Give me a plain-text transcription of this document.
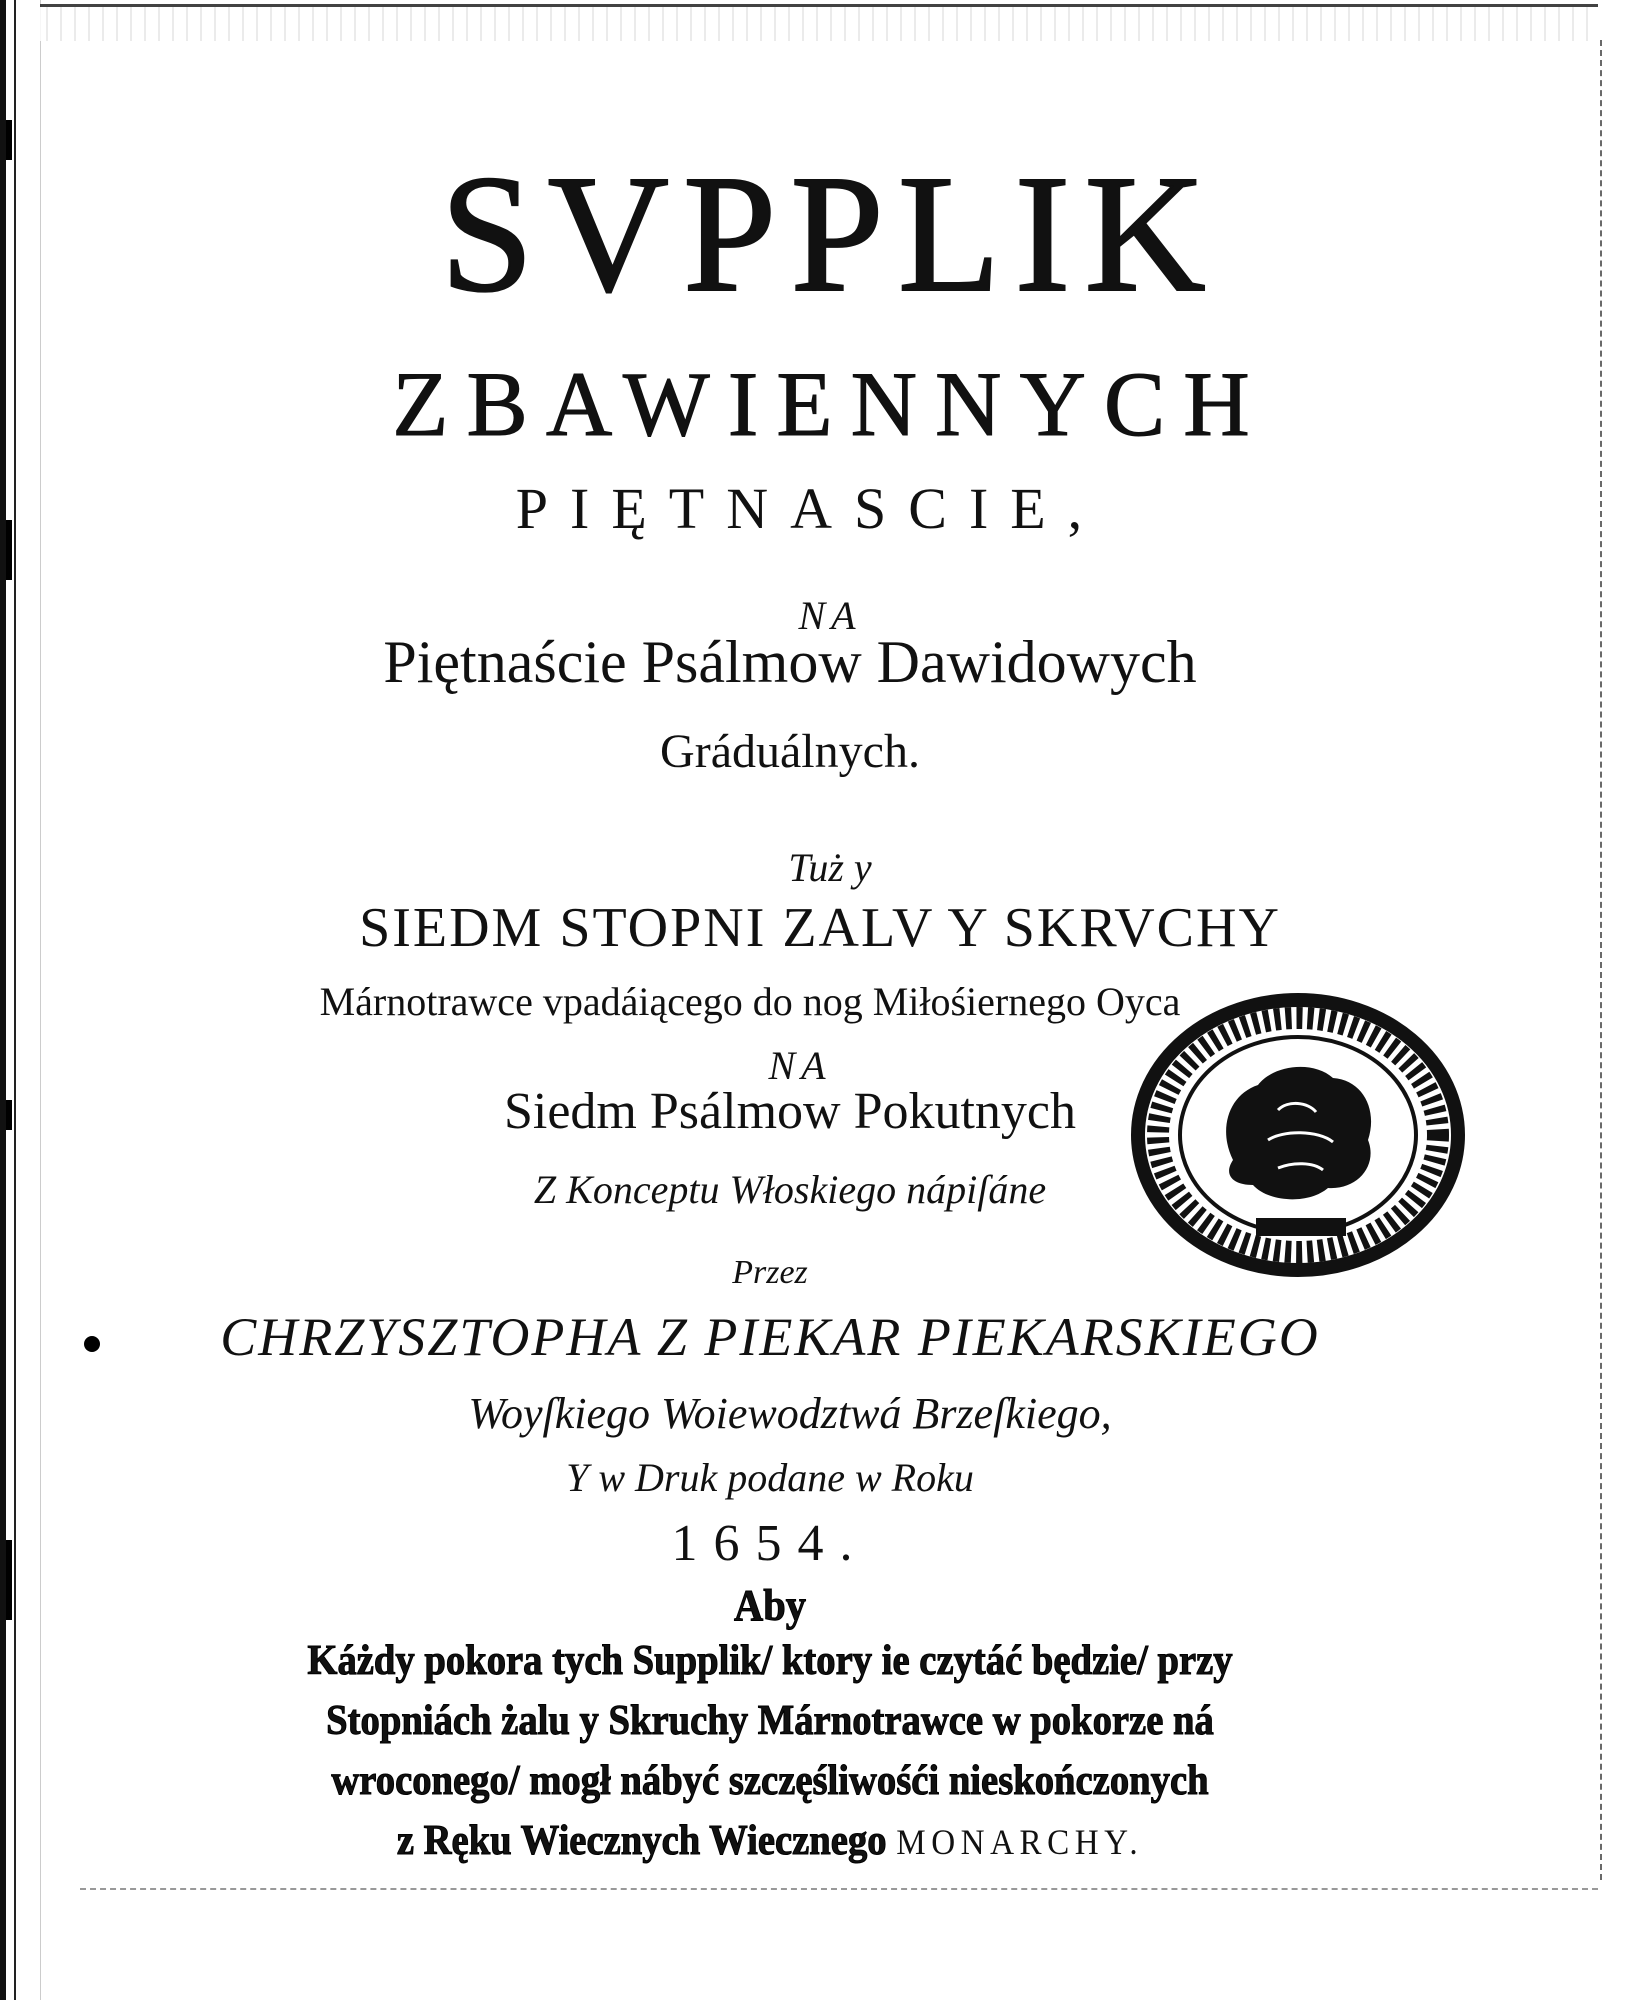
SVPPLIK
ZBAWIENNYCH
PIĘTNASCIE,
NA
Piętnaście Psálmow Dawidowych
Gráduálnych.
Tuż y
SIEDM STOPNI ZALV Y SKRVCHY
Márnotrawce vpadáiącego do nog Miłośiernego Oyca
NA
Siedm Psálmow Pokutnych
Z Konceptu Włoskiego nápiſáne
Przez
CHRZYSZTOPHA Z PIEKAR PIEKARSKIEGO
Woyſkiego Woiewodztwá Brzeſkiego,
Y w Druk podane w Roku
1654.
Aby
Káżdy pokora tych Supplik/ ktory ie czytáć będzie/ przy
Stopniách żalu y Skruchy Márnotrawce w pokorze ná
wroconego/ mogł nábyć szczęśliwośći nieskończonych
z Ręku Wiecznych Wiecznego MONARCHY.
